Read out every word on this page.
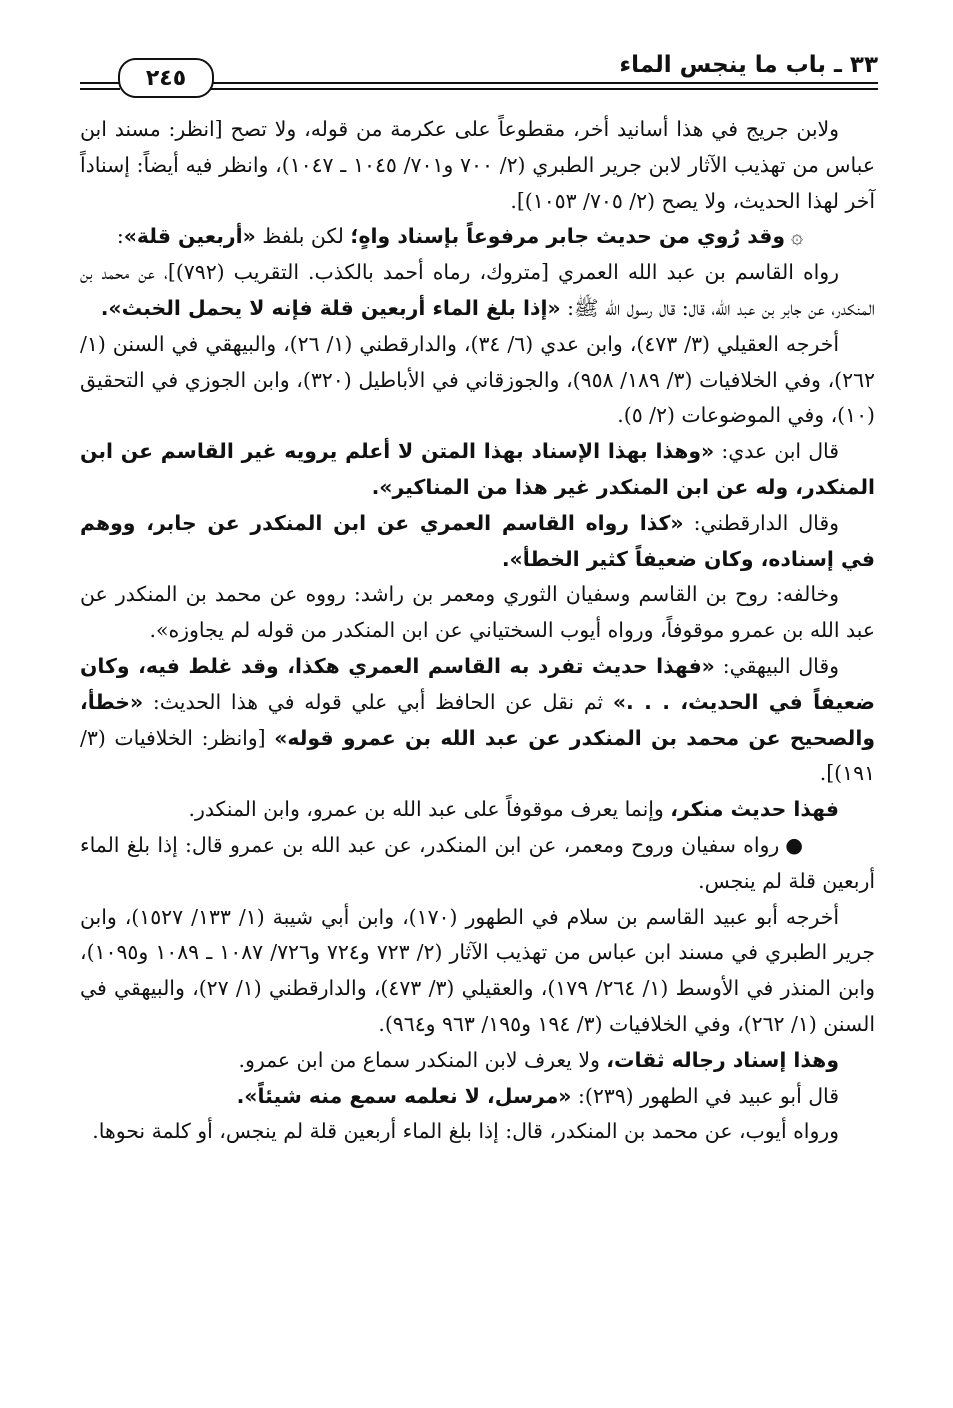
٣٣ ـ باب ما ينجس الماء
٢٤٥

ولابن جريج في هذا أسانيد أخر، مقطوعاً على عكرمة من قوله، ولا تصح [انظر: مسند ابن عباس من تهذيب الآثار لابن جرير الطبري (٢/ ٧٠٠ و٧٠١/ ١٠٤٥ ـ ١٠٤٧)، وانظر فيه أيضاً: إسناداً آخر لهذا الحديث، ولا يصح (٢/ ٧٠٥/ ١٠٥٣)].

۞وقد رُوي من حديث جابر مرفوعاً بإسناد واهٍ؛ لكن بلفظ «أربعين قلة»:

رواه القاسم بن عبد الله العمري [متروك، رماه أحمد بالكذب. التقريب (٧٩٢)]، عن محمد بن المنكدر، عن جابر بن عبد الله، قال: قال رسول الله ﷺ: «إذا بلغ الماء أربعين قلة فإنه لا يحمل الخبث».

أخرجه العقيلي (٣/ ٤٧٣)، وابن عدي (٦/ ٣٤)، والدارقطني (١/ ٢٦)، والبيهقي في السنن (١/ ٢٦٢)، وفي الخلافيات (٣/ ١٨٩/ ٩٥٨)، والجوزقاني في الأباطيل (٣٢٠)، وابن الجوزي في التحقيق (١٠)، وفي الموضوعات (٢/ ٥).

قال ابن عدي: «وهذا بهذا الإسناد بهذا المتن لا أعلم يرويه غير القاسم عن ابن المنكدر، وله عن ابن المنكدر غير هذا من المناكير».

وقال الدارقطني: «كذا رواه القاسم العمري عن ابن المنكدر عن جابر، ووهم في إسناده، وكان ضعيفاً كثير الخطأ».

وخالفه: روح بن القاسم وسفيان الثوري ومعمر بن راشد: رووه عن محمد بن المنكدر عن عبد الله بن عمرو موقوفاً، ورواه أيوب السختياني عن ابن المنكدر من قوله لم يجاوزه».

وقال البيهقي: «فهذا حديث تفرد به القاسم العمري هكذا، وقد غلط فيه، وكان ضعيفاً في الحديث، . . .» ثم نقل عن الحافظ أبي علي قوله في هذا الحديث: «خطأ، والصحيح عن محمد بن المنكدر عن عبد الله بن عمرو قوله» [وانظر: الخلافيات (٣/ ١٩١)].

فهذا حديث منكر، وإنما يعرف موقوفاً على عبد الله بن عمرو، وابن المنكدر.

●رواه سفيان وروح ومعمر، عن ابن المنكدر، عن عبد الله بن عمرو قال: إذا بلغ الماء أربعين قلة لم ينجس.

أخرجه أبو عبيد القاسم بن سلام في الطهور (١٧٠)، وابن أبي شيبة (١/ ١٣٣/ ١٥٢٧)، وابن جرير الطبري في مسند ابن عباس من تهذيب الآثار (٢/ ٧٢٣ و٧٢٤ و٧٢٦/ ١٠٨٧ ـ ١٠٨٩ و١٠٩٥)، وابن المنذر في الأوسط (١/ ٢٦٤/ ١٧٩)، والعقيلي (٣/ ٤٧٣)، والدارقطني (١/ ٢٧)، والبيهقي في السنن (١/ ٢٦٢)، وفي الخلافيات (٣/ ١٩٤ و١٩٥/ ٩٦٣ و٩٦٤).

وهذا إسناد رجاله ثقات، ولا يعرف لابن المنكدر سماع من ابن عمرو.

قال أبو عبيد في الطهور (٢٣٩): «مرسل، لا نعلمه سمع منه شيئاً».

ورواه أيوب، عن محمد بن المنكدر، قال: إذا بلغ الماء أربعين قلة لم ينجس، أو كلمة نحوها.
